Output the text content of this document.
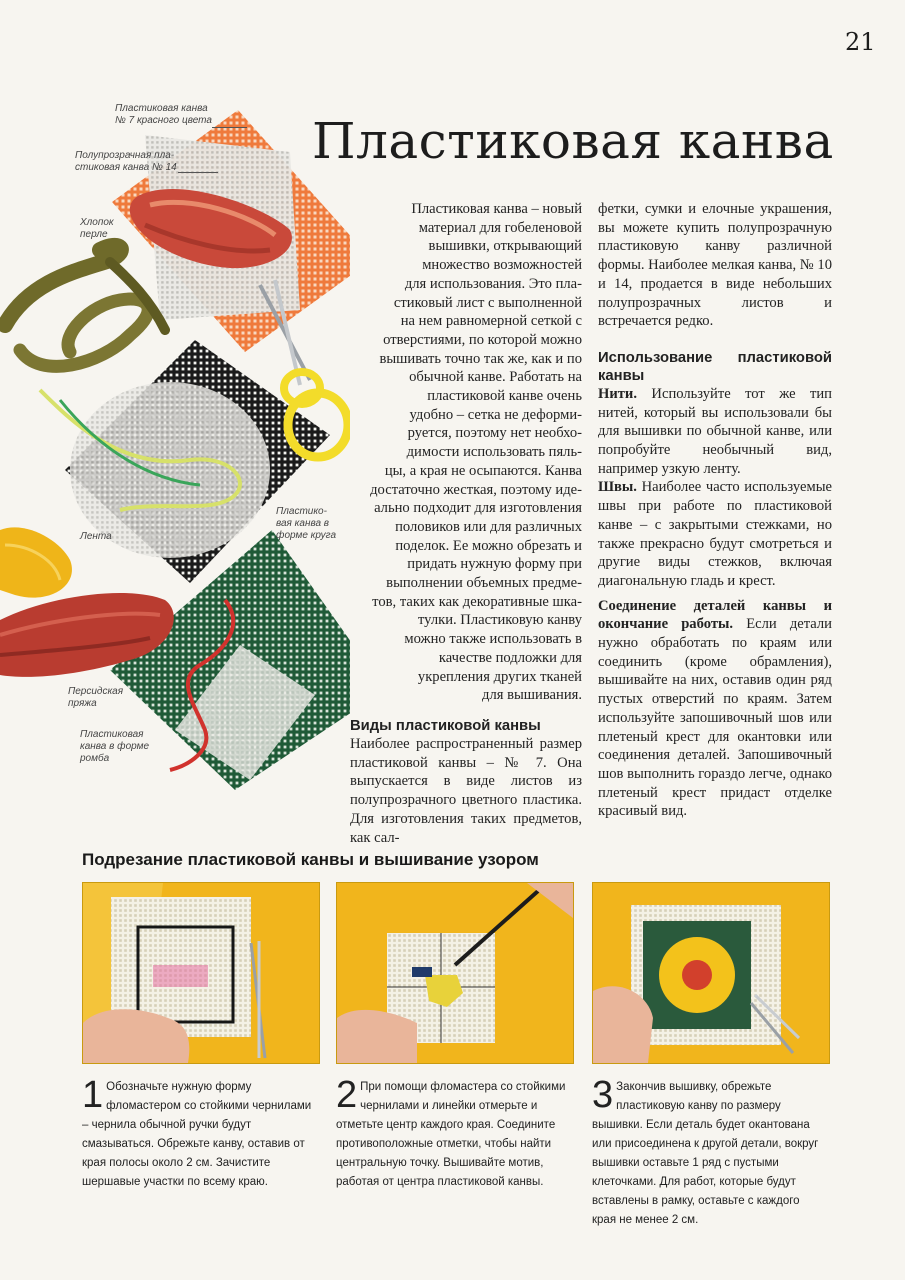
21
Пластиковая канва
Пластиковая канва
№ 7 красного цвета
Полупрозрачная пла-
стиковая канва № 14
Хлопок
перле
Лента
Пластико-
вая канва в
форме круга
Персидская
пряжа
Пластиковая
канва в форме
ромба
Пластиковая канва – новый
материал для гобеленовой
вышивки, открывающий
множество возможностей
для использования. Это пла-
стиковый лист с выполненной
на нем равномерной сеткой с
отверстиями, по которой можно
вышивать точно так же, как и по
обычной канве. Работать на
пластиковой канве очень
удобно – сетка не деформи-
руется, поэтому нет необхо-
димости использовать пяль-
цы, а края не осыпаются. Канва
достаточно жесткая, поэтому иде-
ально подходит для изготовления
половиков или для различных
поделок. Ее можно обрезать и
придать нужную форму при
выполнении объемных предме-
тов, таких как декоративные шка-
тулки. Пластиковую канву
можно также использовать в
качестве подложки для
укрепления других тканей
для вышивания.

Виды пластиковой канвы

Наиболее распространенный размер пластиковой канвы – № 7. Она выпускается в виде листов из полупрозрачного цветного пластика. Для изготовления таких предметов, как сал-

фетки, сумки и елочные украшения, вы можете купить полупрозрачную пластиковую канву различной формы. Наиболее мелкая канва, № 10 и 14, продается в виде небольших полупрозрачных листов и встречается редко.

Использование пластиковой канвы

Нити. Используйте тот же тип нитей, который вы использовали бы для вышивки по обычной канве, или попробуйте необычный вид, например узкую ленту.

Швы. Наиболее часто используемые швы при работе по пластиковой канве – с закрытыми стежками, но также прекрасно будут смотреться и другие виды стежков, включая диагональную гладь и крест.

Соединение деталей канвы и окончание работы. Если детали нужно обработать по краям или соединить (кроме обрамления), вышивайте на них, оставив один ряд пустых отверстий по краям. Затем используйте запошивочный шов или плетеный крест для окантовки или соединения деталей. Запошивочный шов выполнить гораздо легче, однако плетеный крест придаст отделке красивый вид.

Подрезание пластиковой канвы и вышивание узором
1 Обозначьте нужную форму фломастером со стойкими чернилами – чернила обычной ручки будут смазываться. Обрежьте канву, оставив от края полосы около 2 см. Зачистите шершавые участки по всему краю.
2 При помощи фломастера со стойкими чернилами и линейки отмерьте и отметьте центр каждого края. Соедините противоположные отметки, чтобы найти центральную точку. Вышивайте мотив, работая от центра пластиковой канвы.
3 Закончив вышивку, обрежьте пластиковую канву по размеру вышивки. Если деталь будет окантована или присоединена к другой детали, вокруг вышивки оставьте 1 ряд с пустыми клеточками. Для работ, которые будут вставлены в рамку, оставьте с каждого края не менее 2 см.
